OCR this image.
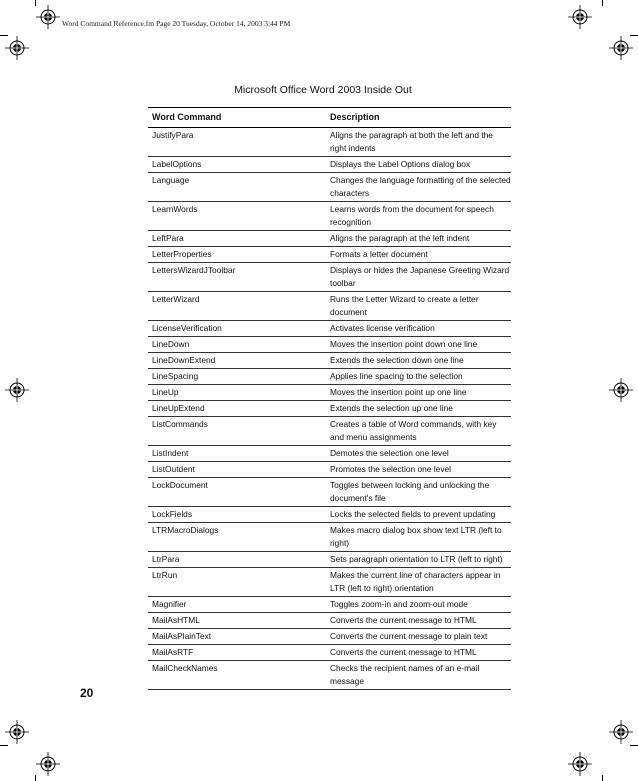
Word Command Reference.fm Page 20 Tuesday, October 14, 2003 3:44 PM
Microsoft Office Word 2003 Inside Out
Word Command	Description
JustifyPara	Aligns the paragraph at both the left and the right indents
LabelOptions	Displays the Label Options dialog box
Language	Changes the language formatting of the selected characters
LearnWords	Learns words from the document for speech recognition
LeftPara	Aligns the paragraph at the left indent
LetterProperties	Formats a letter document
LettersWizardJToolbar	Displays or hides the Japanese Greeting Wizard toolbar
LetterWizard	Runs the Letter Wizard to create a letter document
LicenseVerification	Activates license verification
LineDown	Moves the insertion point down one line
LineDownExtend	Extends the selection down one line
LineSpacing	Applies line spacing to the selection
LineUp	Moves the insertion point up one line
LineUpExtend	Extends the selection up one line
ListCommands	Creates a table of Word commands, with key and menu assignments
ListIndent	Demotes the selection one level
ListOutdent	Promotes the selection one level
LockDocument	Toggles between locking and unlocking the document's file
LockFields	Locks the selected fields to prevent updating
LTRMacroDialogs	Makes macro dialog box show text LTR (left to right)
LtrPara	Sets paragraph orientation to LTR (left to right)
LtrRun	Makes the current line of characters appear in LTR (left to right) orientation
Magnifier	Toggles zoom-in and zoom-out mode
MailAsHTML	Converts the current message to HTML
MailAsPlainText	Converts the current message to plain text
MailAsRTF	Converts the current message to HTML
MailCheckNames	Checks the recipient names of an e-mail message
20
